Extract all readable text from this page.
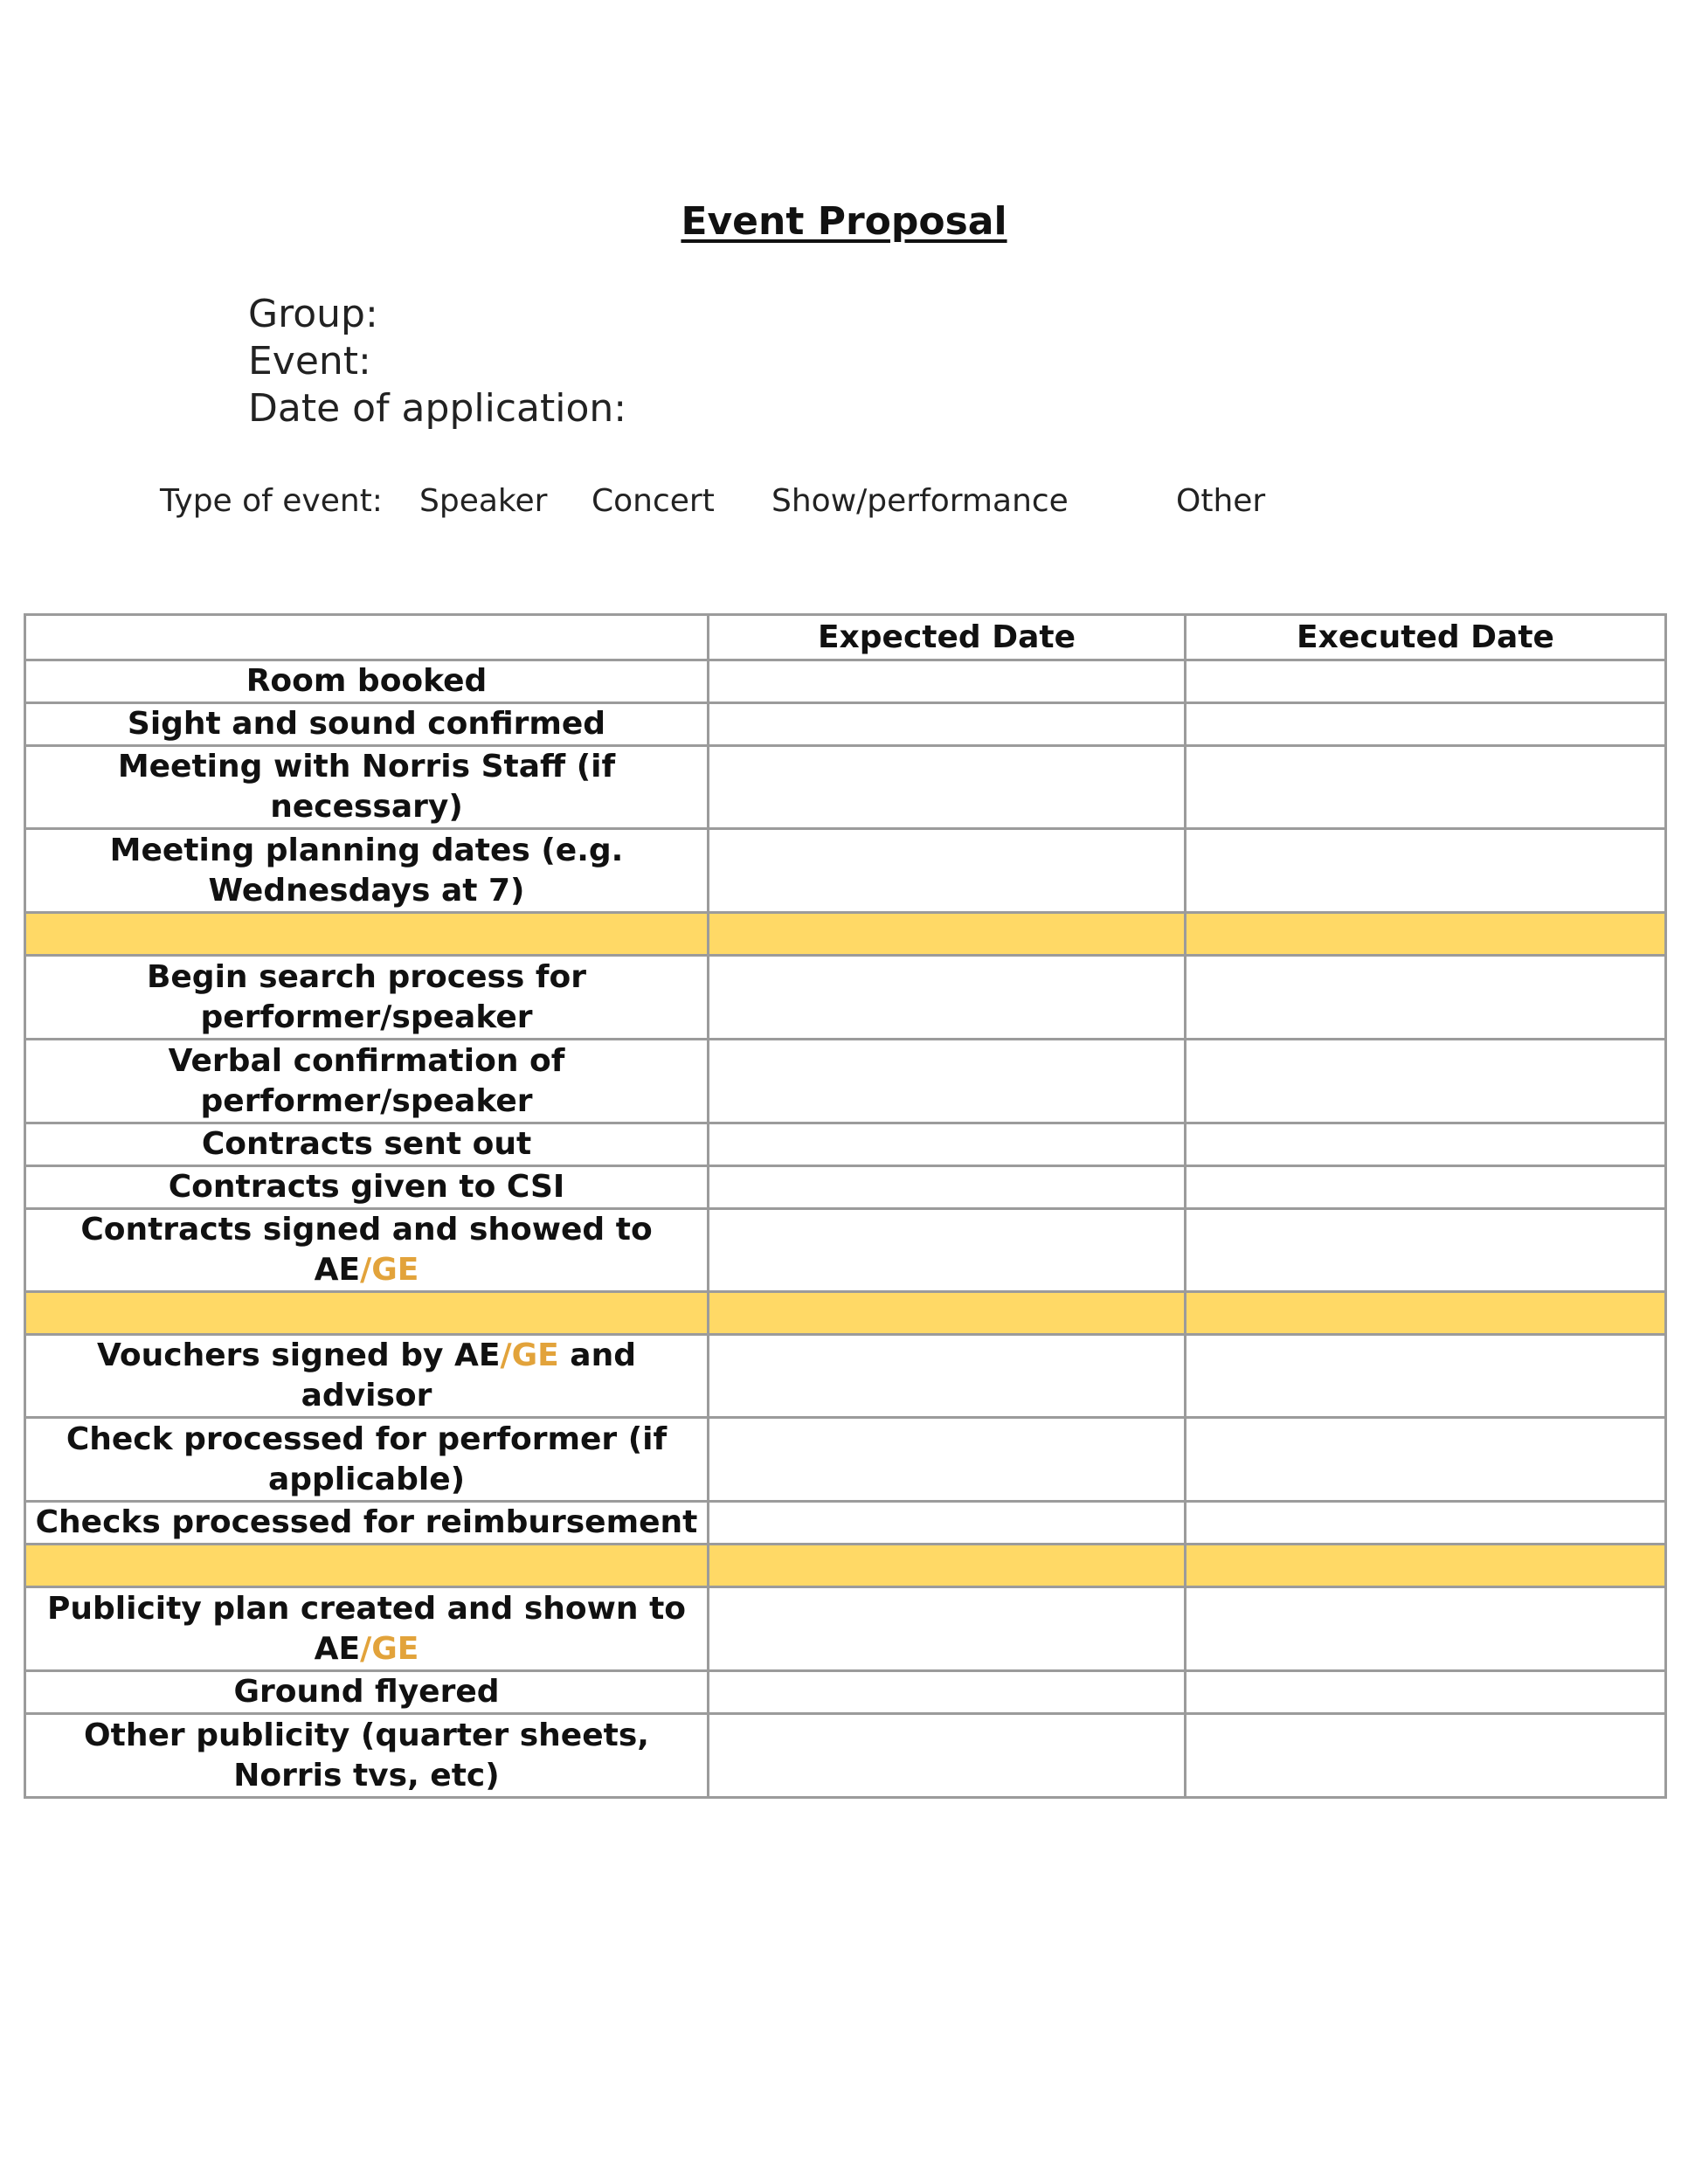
Event Proposal
Group:
Event:
Date of application:
Type of event: Speaker Concert Show/performance	Other
	Expected Date	Executed Date
Room booked		
Sight and sound confirmed		
Meeting with Norris Staff (if necessary)		
Meeting planning dates (e.g. Wednesdays at 7)		

Begin search process for performer/speaker		
Verbal confirmation of performer/speaker		
Contracts sent out		
Contracts given to CSI		
Contracts signed and showed to AE/GE		

Vouchers signed by AE/GE and advisor		
Check processed for performer (if applicable)		
Checks processed for reimbursement		

Publicity plan created and shown to AE/GE		
Ground flyered		
Other publicity (quarter sheets, Norris tvs, etc)		
